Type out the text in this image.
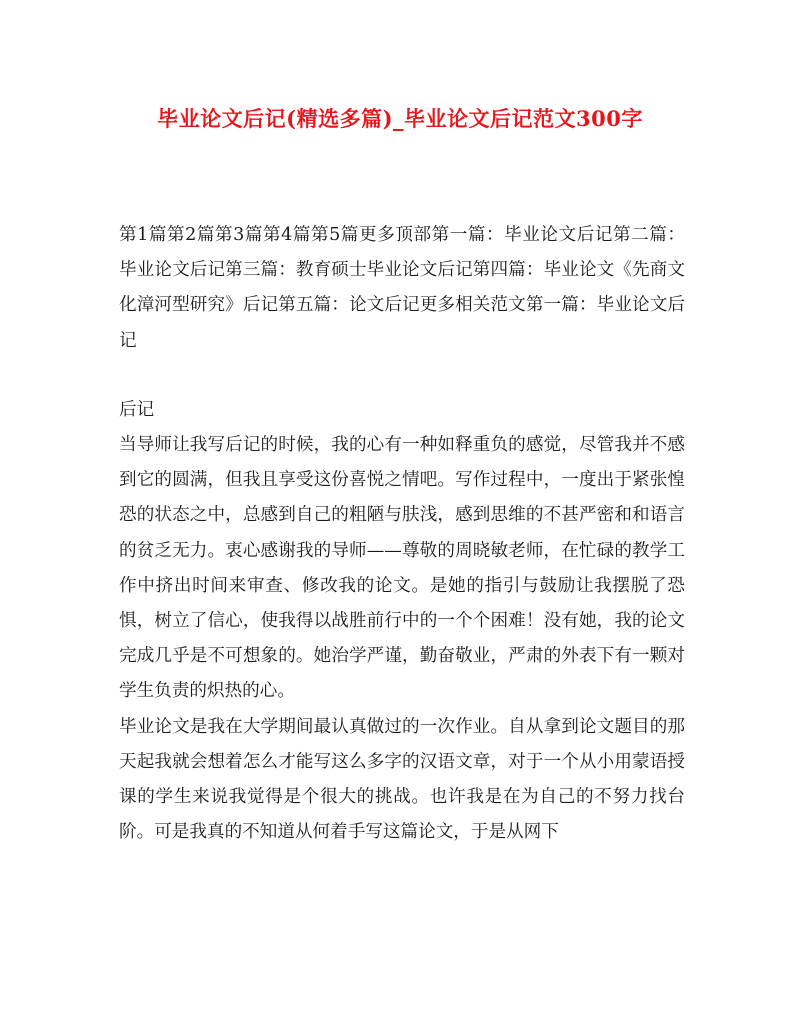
毕业论文后记(精选多篇)_毕业论文后记范文300字

第1篇第2篇第3篇第4篇第5篇更多顶部第一篇：毕业论文后记第二篇：毕业论文后记第三篇：教育硕士毕业论文后记第四篇：毕业论文《先商文化漳河型研究》后记第五篇：论文后记更多相关范文第一篇：毕业论文后记

后记

当导师让我写后记的时候，我的心有一种如释重负的感觉，尽管我并不感到它的圆满，但我且享受这份喜悦之情吧。写作过程中，一度出于紧张惶恐的状态之中，总感到自己的粗陋与肤浅，感到思维的不甚严密和和语言的贫乏无力。衷心感谢我的导师——尊敬的周晓敏老师，在忙碌的教学工作中挤出时间来审查、修改我的论文。是她的指引与鼓励让我摆脱了恐惧，树立了信心，使我得以战胜前行中的一个个困难！没有她，我的论文完成几乎是不可想象的。她治学严谨，勤奋敬业，严肃的外表下有一颗对学生负责的炽热的心。

毕业论文是我在大学期间最认真做过的一次作业。自从拿到论文题目的那天起我就会想着怎么才能写这么多字的汉语文章，对于一个从小用蒙语授课的学生来说我觉得是个很大的挑战。也许我是在为自己的不努力找台阶。可是我真的不知道从何着手写这篇论文，于是从网下
